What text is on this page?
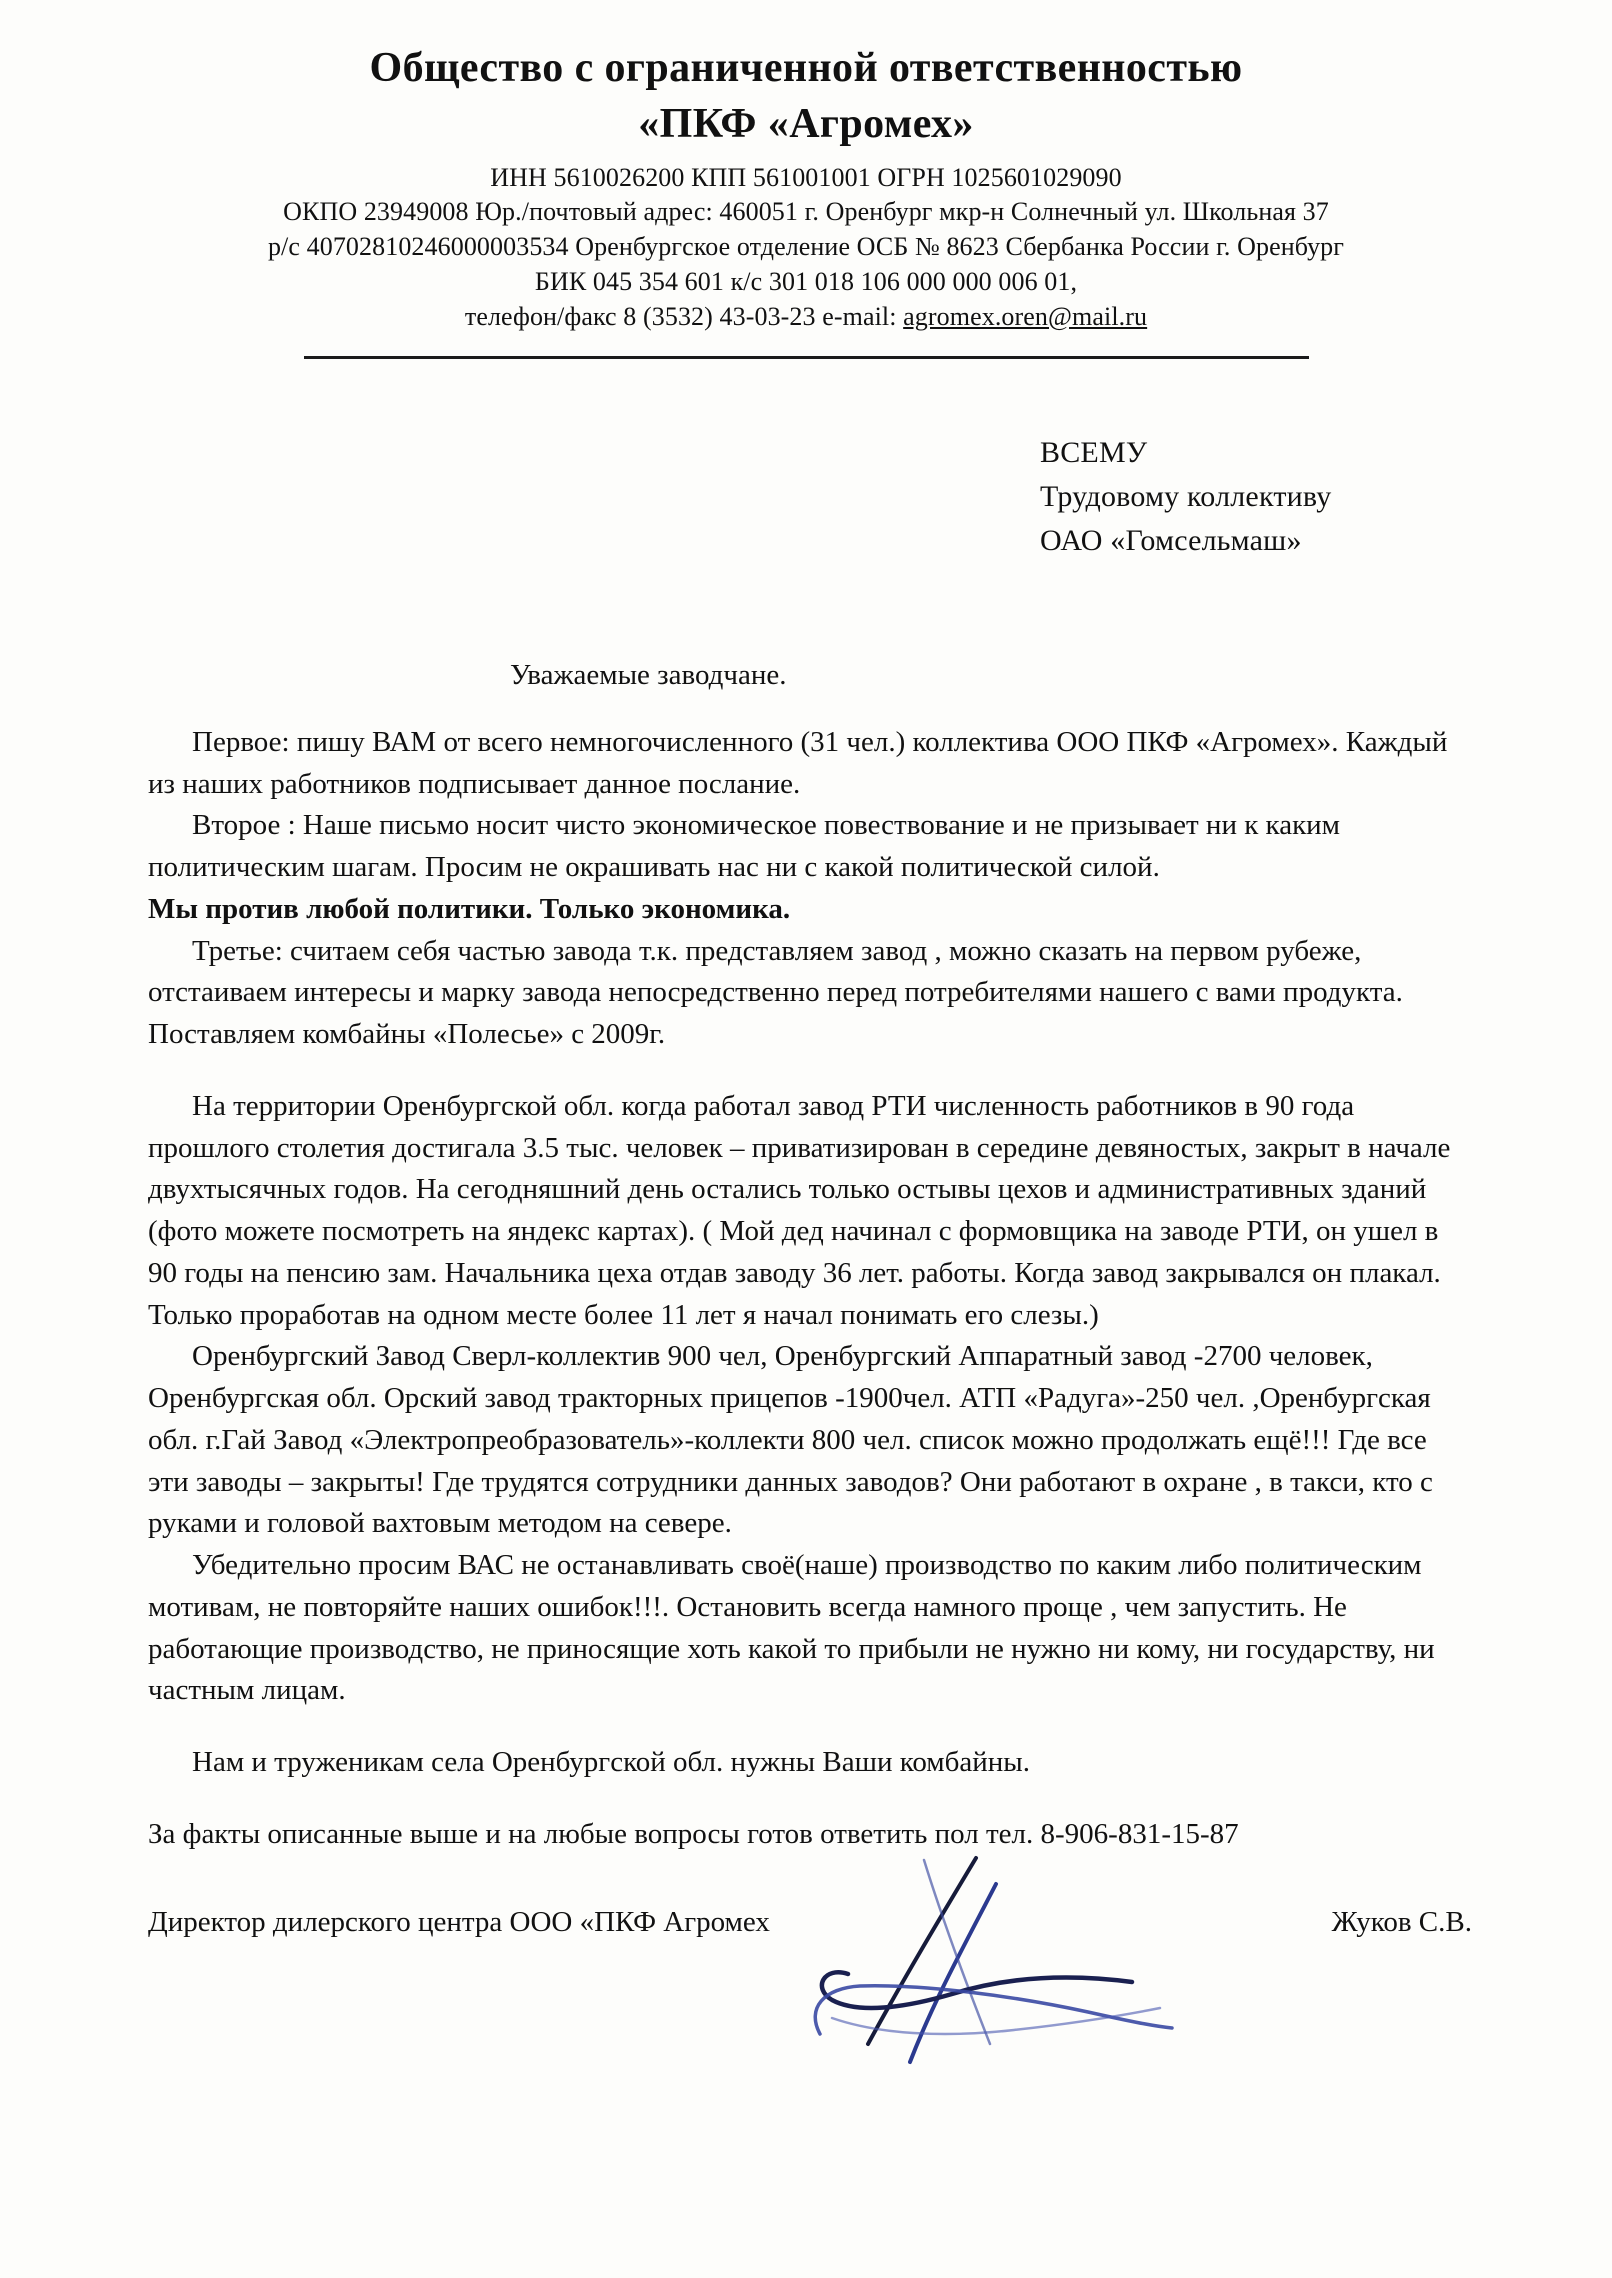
Общество с ограниченной ответственностью
«ПКФ «Агромех»
ИНН 5610026200 КПП 561001001 ОГРН 1025601029090
ОКПО 23949008 Юр./почтовый адрес: 460051 г. Оренбург мкр-н Солнечный ул. Школьная 37
р/с 40702810246000003534 Оренбургское отделение ОСБ № 8623 Сбербанка России г. Оренбург
БИК 045 354 601 к/с 301 018 106 000 000 006 01,
телефон/факс 8 (3532) 43-03-23 e-mail: agromex.oren@mail.ru
ВСЕМУ
Трудовому коллективу
ОАО «Гомсельмаш»
Уважаемые заводчане.

Первое: пишу ВАМ от всего немногочисленного (31 чел.) коллектива ООО ПКФ «Агромех». Каждый из наших работников подписывает данное послание.

Второе : Наше письмо носит чисто экономическое повествование и не призывает ни к каким политическим шагам. Просим не окрашивать нас ни с какой политической силой.

Мы против любой политики. Только экономика.

Третье: считаем себя частью завода т.к. представляем завод , можно сказать на первом рубеже, отстаиваем интересы и марку завода непосредственно перед потребителями нашего с вами продукта. Поставляем комбайны «Полесье» с 2009г.

На территории Оренбургской обл. когда работал завод РТИ численность работников в 90 года прошлого столетия достигала 3.5 тыс. человек – приватизирован в середине девяностых, закрыт в начале двухтысячных годов. На сегодняшний день остались только остывы цехов и административных зданий (фото можете посмотреть на яндекс картах). ( Мой дед начинал с формовщика на заводе РТИ, он ушел в 90 годы на пенсию зам. Начальника цеха отдав заводу 36 лет. работы. Когда завод закрывался он плакал. Только проработав на одном месте более 11 лет я начал понимать его слезы.)

Оренбургский Завод Сверл-коллектив 900 чел, Оренбургский Аппаратный завод -2700 человек, Оренбургская обл. Орский завод тракторных прицепов -1900чел. АТП «Радуга»-250 чел. ,Оренбургская обл. г.Гай Завод «Электропреобразователь»-коллекти 800 чел. список можно продолжать ещё!!! Где все эти заводы – закрыты! Где трудятся сотрудники данных заводов? Они работают в охране , в такси, кто с руками и головой вахтовым методом на севере.

Убедительно просим ВАС не останавливать своё(наше) производство по каким либо политическим мотивам, не повторяйте наших ошибок!!!. Остановить всегда намного проще , чем запустить. Не работающие производство, не приносящие хоть какой то прибыли не нужно ни кому, ни государству, ни частным лицам.

Нам и труженикам села Оренбургской обл. нужны Ваши комбайны.

За факты описанные выше и на любые вопросы готов ответить пол тел. 8-906-831-15-87

Директор дилерского центра ООО «ПКФ Агромех	Жуков С.В.
